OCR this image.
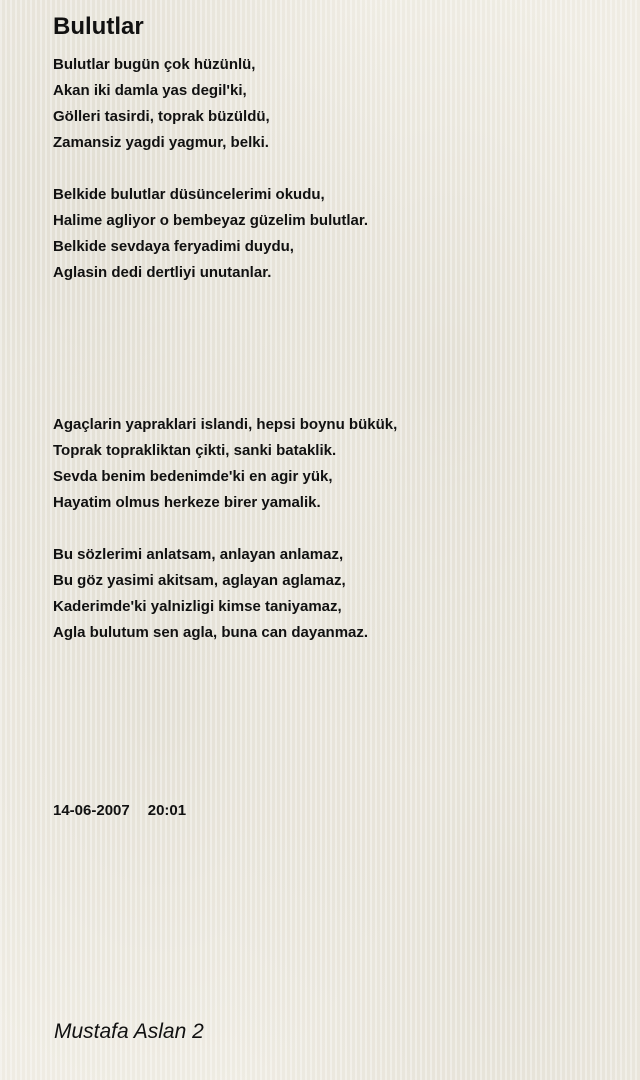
Bulutlar
Bulutlar bugün çok hüzünlü,
Akan iki damla yas degil'ki,
Gölleri tasirdi, toprak büzüldü,
Zamansiz yagdi yagmur, belki.
Belkide bulutlar düsüncelerimi okudu,
Halime agliyor o bembeyaz güzelim bulutlar.
Belkide sevdaya feryadimi duydu,
Aglasin dedi dertliyi unutanlar.
Agaçlarin yapraklari islandi, hepsi boynu bükük,
Toprak toprakliktan çikti, sanki bataklik.
Sevda benim bedenimde'ki en agir yük,
Hayatim olmus herkeze birer yamalik.
Bu sözlerimi anlatsam, anlayan anlamaz,
Bu göz yasimi akitsam, aglayan aglamaz,
Kaderimde'ki yalnizligi kimse taniyamaz,
Agla bulutum sen agla, buna can dayanmaz.
14-06-2007 20:01
Mustafa Aslan 2
